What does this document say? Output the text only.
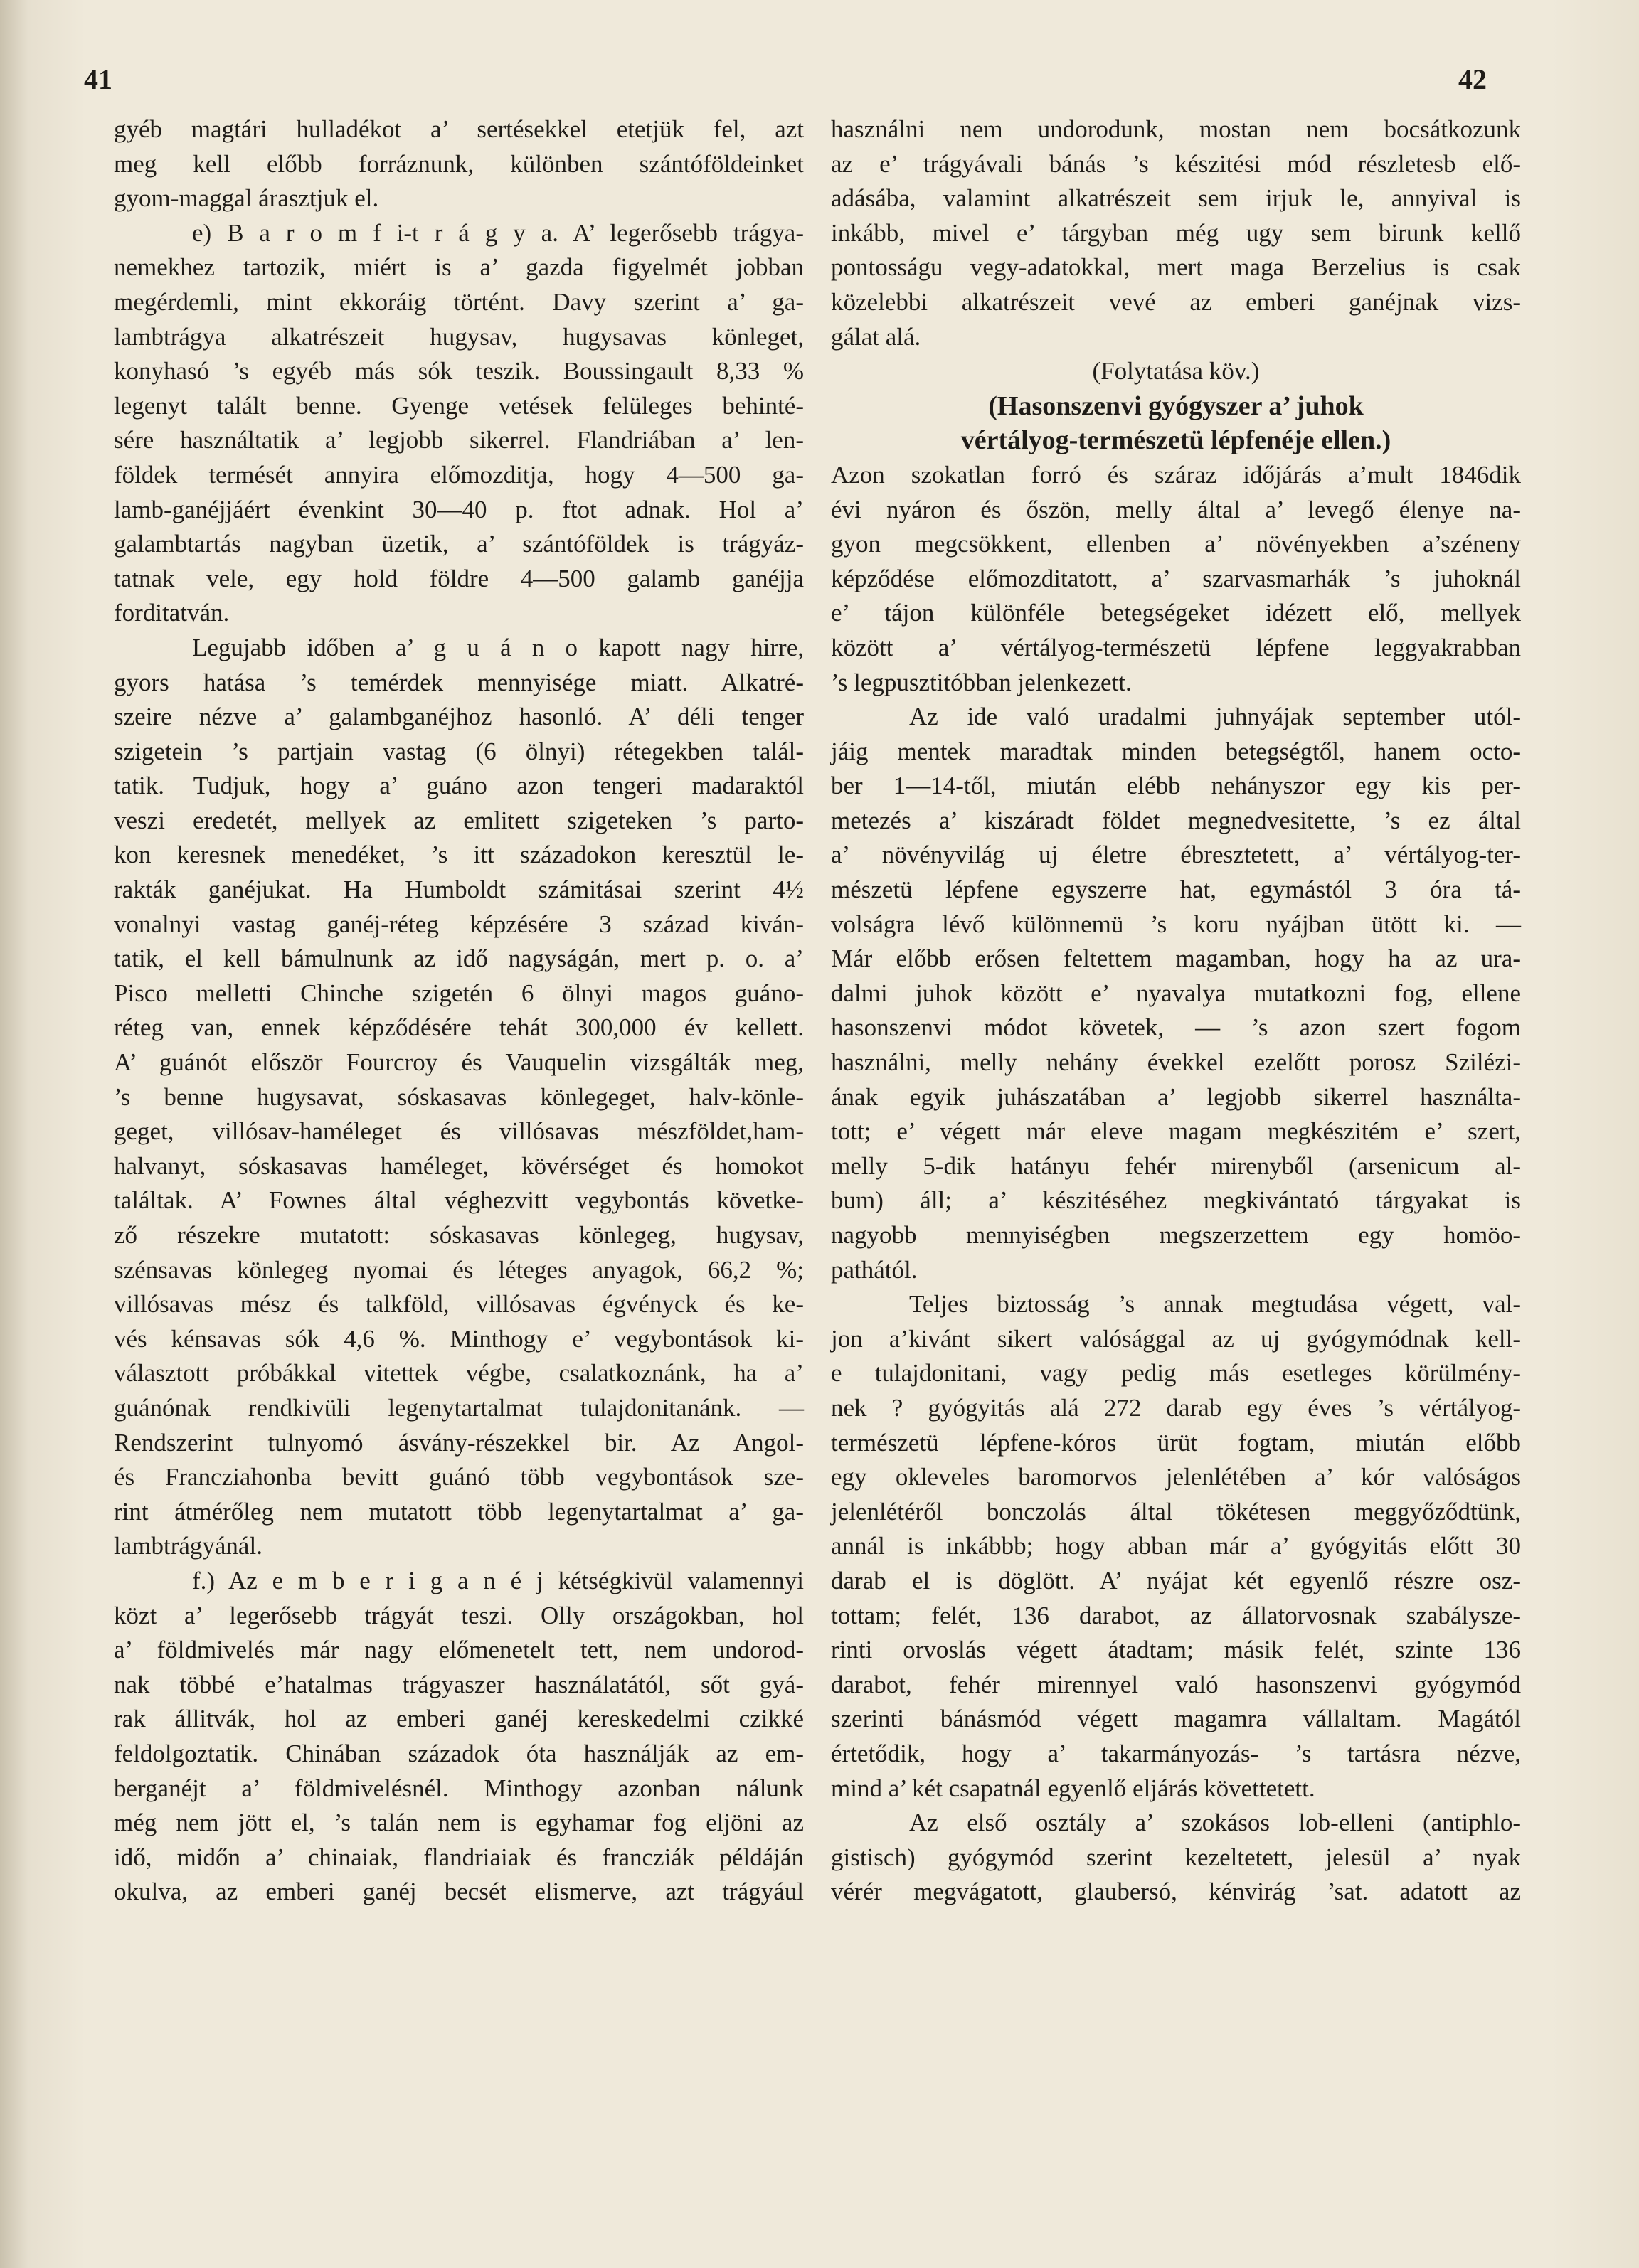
41	42

gyéb magtári hulladékot a’ sertésekkel etetjük fel, azt

meg kell előbb forráznunk, különben szántóföldeinket

gyom-maggal árasztjuk el.

e) B a r o m f i-t r á g y a. A’ legerősebb trágya-

nemekhez tartozik, miért is a’ gazda figyelmét jobban

megérdemli, mint ekkoráig történt. Davy szerint a’ ga-

lambtrágya alkatrészeit hugysav, hugysavas könleget,

konyhasó ’s egyéb más sók teszik. Boussingault 8,33 %

legenyt talált benne. Gyenge vetések felüleges behinté-

sére használtatik a’ legjobb sikerrel. Flandriában a’ len-

földek termését annyira előmozditja, hogy 4—500 ga-

lamb-ganéjjáért évenkint 30—40 p. ftot adnak. Hol a’

galambtartás nagyban üzetik, a’ szántóföldek is trágyáz-

tatnak vele, egy hold földre 4—500 galamb ganéjja

forditatván.

Legujabb időben a’ g u á n o kapott nagy hirre,

gyors hatása ’s temérdek mennyisége miatt. Alkatré-

szeire nézve a’ galambganéjhoz hasonló. A’ déli tenger

szigetein ’s partjain vastag (6 ölnyi) rétegekben talál-

tatik. Tudjuk, hogy a’ guáno azon tengeri madaraktól

veszi eredetét, mellyek az emlitett szigeteken ’s parto-

kon keresnek menedéket, ’s itt századokon keresztül le-

rakták ganéjukat. Ha Humboldt számitásai szerint 4½

vonalnyi vastag ganéj-réteg képzésére 3 század kiván-

tatik, el kell bámulnunk az idő nagyságán, mert p. o. a’

Pisco melletti Chinche szigetén 6 ölnyi magos guáno-

réteg van, ennek képződésére tehát 300,000 év kellett.

A’ guánót először Fourcroy és Vauquelin vizsgálták meg,

’s benne hugysavat, sóskasavas könlegeget, halv-könle-

geget, villósav-haméleget és villósavas mészföldet,ham-

halvanyt, sóskasavas haméleget, kövérséget és homokot

találtak. A’ Fownes által véghezvitt vegybontás követke-

ző részekre mutatott: sóskasavas könlegeg, hugysav,

szénsavas könlegeg nyomai és léteges anyagok, 66,2 %;

villósavas mész és talkföld, villósavas égvényck és ke-

vés kénsavas sók 4,6 %. Minthogy e’ vegybontások ki-

választott próbákkal vitettek végbe, csalatkoznánk, ha a’

guánónak rendkivüli legenytartalmat tulajdonitanánk. —

Rendszerint tulnyomó ásvány-részekkel bir. Az Angol-

és Francziahonba bevitt guánó több vegybontások sze-

rint átmérőleg nem mutatott több legenytartalmat a’ ga-

lambtrágyánál.

f.) Az e m b e r i g a n é j kétségkivül valamennyi

közt a’ legerősebb trágyát teszi. Olly országokban, hol

a’ földmivelés már nagy előmenetelt tett, nem undorod-

nak többé e’hatalmas trágyaszer használatától, sőt gyá-

rak állitvák, hol az emberi ganéj kereskedelmi czikké

feldolgoztatik. Chinában századok óta használják az em-

berganéjt a’ földmivelésnél. Minthogy azonban nálunk

még nem jött el, ’s talán nem is egyhamar fog eljöni az

idő, midőn a’ chinaiak, flandriaiak és francziák példáján

okulva, az emberi ganéj becsét elismerve, azt trágyául

használni nem undorodunk, mostan nem bocsátkozunk

az e’ trágyávali bánás ’s készitési mód részletesb elő-

adásába, valamint alkatrészeit sem irjuk le, annyival is

inkább, mivel e’ tárgyban még ugy sem birunk kellő

pontosságu vegy-adatokkal, mert maga Berzelius is csak

közelebbi alkatrészeit vevé az emberi ganéjnak vizs-

gálat alá.

(Folytatása köv.)

(Hasonszenvi gyógyszer a’ juhok

vértályog-természetü lépfenéje ellen.)

Azon szokatlan forró és száraz időjárás a’mult 1846dik

évi nyáron és őszön, melly által a’ levegő élenye na-

gyon megcsökkent, ellenben a’ növényekben a’széneny

képződése előmozditatott, a’ szarvasmarhák ’s juhoknál

e’ tájon különféle betegségeket idézett elő, mellyek

között a’ vértályog-természetü lépfene leggyakrabban

’s legpusztitóbban jelenkezett.

Az ide való uradalmi juhnyájak september utól-

jáig mentek maradtak minden betegségtől, hanem octo-

ber 1—14-től, miután elébb nehányszor egy kis per-

metezés a’ kiszáradt földet megnedvesitette, ’s ez által

a’ növényvilág uj életre ébresztetett, a’ vértályog-ter-

mészetü lépfene egyszerre hat, egymástól 3 óra tá-

volságra lévő különnemü ’s koru nyájban ütött ki. —

Már előbb erősen feltettem magamban, hogy ha az ura-

dalmi juhok között e’ nyavalya mutatkozni fog, ellene

hasonszenvi módot követek, — ’s azon szert fogom

használni, melly nehány évekkel ezelőtt porosz Szilézi-

ának egyik juhászatában a’ legjobb sikerrel használta-

tott; e’ végett már eleve magam megkészitém e’ szert,

melly 5-dik hatányu fehér mirenyből (arsenicum al-

bum) áll; a’ készitéséhez megkivántató tárgyakat is

nagyobb mennyiségben megszerzettem egy homöo-

pathától.

Teljes biztosság ’s annak megtudása végett, val-

jon a’kivánt sikert valósággal az uj gyógymódnak kell-

e tulajdonitani, vagy pedig más esetleges körülmény-

nek ? gyógyitás alá 272 darab egy éves ’s vértályog-

természetü lépfene-kóros ürüt fogtam, miután előbb

egy okleveles baromorvos jelenlétében a’ kór valóságos

jelenlétéről bonczolás által tökétesen meggyőződtünk,

annál is inkábbb; hogy abban már a’ gyógyitás előtt 30

darab el is döglött. A’ nyájat két egyenlő részre osz-

tottam; felét, 136 darabot, az állatorvosnak szabálysze-

rinti orvoslás végett átadtam; másik felét, szinte 136

darabot, fehér mirennyel való hasonszenvi gyógymód

szerinti bánásmód végett magamra vállaltam. Magától

értetődik, hogy a’ takarmányozás- ’s tartásra nézve,

mind a’ két csapatnál egyenlő eljárás követtetett.

Az első osztály a’ szokásos lob-elleni (antiphlo-

gistisch) gyógymód szerint kezeltetett, jelesül a’ nyak

vérér megvágatott, glaubersó, kénvirág ’sat. adatott az
